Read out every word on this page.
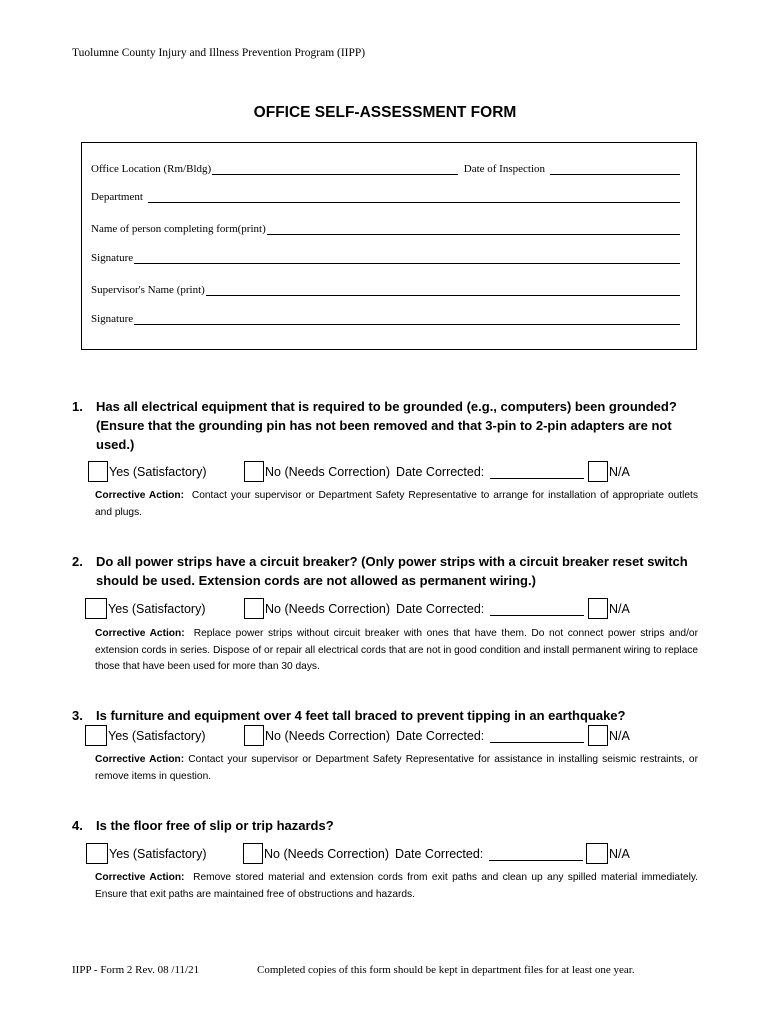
Tuolumne County Injury and Illness Prevention Program (IIPP)
OFFICE SELF-ASSESSMENT FORM
Office Location (Rm/Bldg)	Date of Inspection
Department
Name of person completing form(print)
Signature
Supervisor's Name (print)
Signature
1. Has all electrical equipment that is required to be grounded (e.g., computers) been grounded? (Ensure that the grounding pin has not been removed and that 3-pin to 2-pin adapters are not used.)
Yes (Satisfactory)	No (Needs Correction) Date Corrected:	N/A
Corrective Action: Contact your supervisor or Department Safety Representative to arrange for installation of appropriate outlets and plugs.
2. Do all power strips have a circuit breaker? (Only power strips with a circuit breaker reset switch should be used. Extension cords are not allowed as permanent wiring.)
Yes (Satisfactory)	No (Needs Correction) Date Corrected:	N/A
Corrective Action: Replace power strips without circuit breaker with ones that have them. Do not connect power strips and/or extension cords in series. Dispose of or repair all electrical cords that are not in good condition and install permanent wiring to replace those that have been used for more than 30 days.
3. Is furniture and equipment over 4 feet tall braced to prevent tipping in an earthquake?
Yes (Satisfactory)	No (Needs Correction) Date Corrected:	N/A
Corrective Action: Contact your supervisor or Department Safety Representative for assistance in installing seismic restraints, or remove items in question.
4. Is the floor free of slip or trip hazards?
Yes (Satisfactory)	No (Needs Correction) Date Corrected:	N/A
Corrective Action: Remove stored material and extension cords from exit paths and clean up any spilled material immediately. Ensure that exit paths are maintained free of obstructions and hazards.
IIPP - Form 2 Rev. 08 /11/21	Completed copies of this form should be kept in department files for at least one year.
